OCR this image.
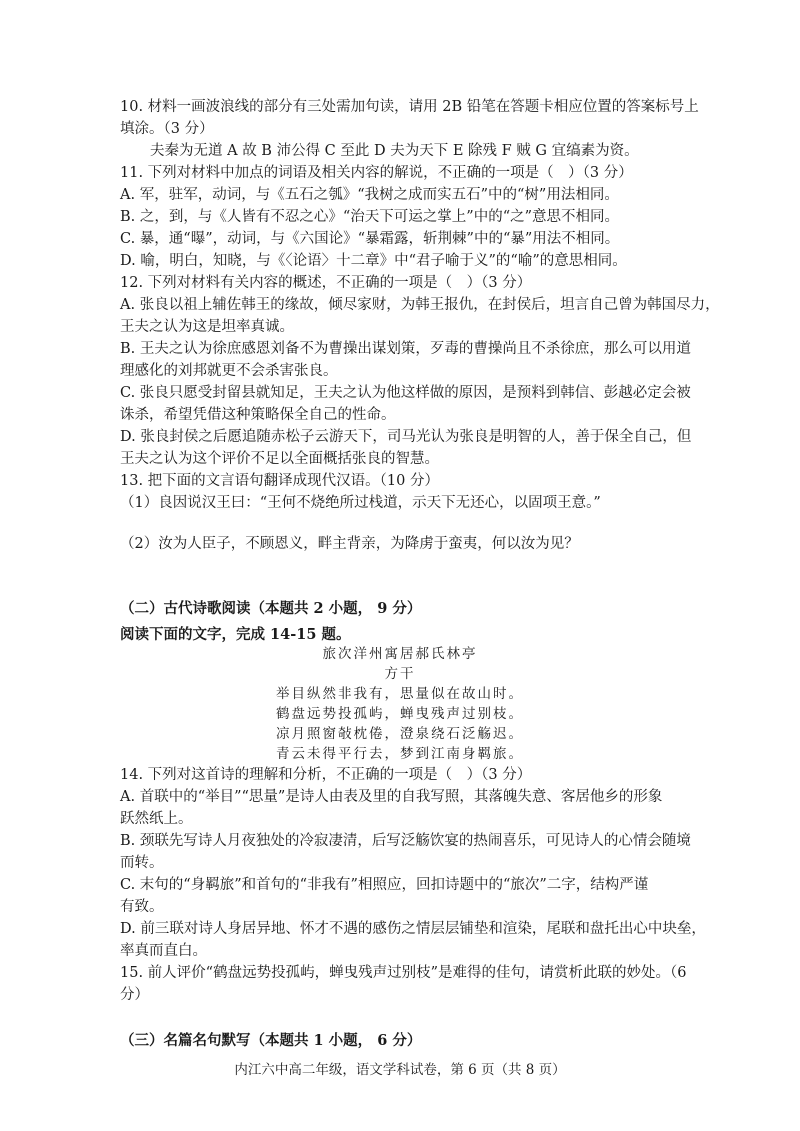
10. 材料一画波浪线的部分有三处需加句读，请用 2B 铅笔在答题卡相应位置的答案标号上
填涂。（3 分）
夫秦为无道 A 故 B 沛公得 C 至此 D 夫为天下 E 除残 F 贼 G 宜缟素为资。
11. 下列对材料中加点的词语及相关内容的解说，不正确的一项是（　）（3 分）
A. 军，驻军，动词，与《五石之瓠》“我树之成而实五石”中的“树”用法相同。
B. 之，到，与《人皆有不忍之心》“治天下可运之掌上”中的“之”意思不相同。
C. 暴，通“曝”，动词，与《六国论》“暴霜露，斩荆棘”中的“暴”用法不相同。
D. 喻，明白，知晓，与《〈论语〉十二章》中“君子喻于义”的“喻”的意思相同。
12. 下列对材料有关内容的概述，不正确的一项是（　）（3 分）
A. 张良以祖上辅佐韩王的缘故，倾尽家财，为韩王报仇，在封侯后，坦言自己曾为韩国尽力，
王夫之认为这是坦率真诚。
B. 王夫之认为徐庶感恩刘备不为曹操出谋划策，歹毒的曹操尚且不杀徐庶，那么可以用道
理感化的刘邦就更不会杀害张良。
C. 张良只愿受封留县就知足，王夫之认为他这样做的原因，是预料到韩信、彭越必定会被
诛杀，希望凭借这种策略保全自己的性命。
D. 张良封侯之后愿追随赤松子云游天下，司马光认为张良是明智的人，善于保全自己，但
王夫之认为这个评价不足以全面概括张良的智慧。
13. 把下面的文言语句翻译成现代汉语。（10 分）
（1）良因说汉王曰：“王何不烧绝所过栈道，示天下无还心，以固项王意。”
（2）汝为人臣子，不顾恩义，畔主背亲，为降虏于蛮夷，何以汝为见？
（二）古代诗歌阅读（本题共 2 小题， 9 分）
阅读下面的文字，完成 14-15 题。
旅次洋州寓居郝氏林亭
方干
举目纵然非我有，思量似在故山时。
鹤盘远势投孤屿，蝉曳残声过别枝。
凉月照窗敧枕倦，澄泉绕石泛觞迟。
青云未得平行去，梦到江南身羁旅。
14. 下列对这首诗的理解和分析，不正确的一项是（　）（3 分）
A. 首联中的“举目”“思量”是诗人由表及里的自我写照，其落魄失意、客居他乡的形象
跃然纸上。
B. 颈联先写诗人月夜独处的冷寂凄清，后写泛觞饮宴的热闹喜乐，可见诗人的心情会随境
而转。
C. 末句的“身羁旅”和首句的“非我有”相照应，回扣诗题中的“旅次”二字，结构严谨
有致。
D. 前三联对诗人身居异地、怀才不遇的感伤之情层层铺垫和渲染，尾联和盘托出心中块垒，
率真而直白。
15. 前人评价“鹤盘远势投孤屿，蝉曳残声过别枝”是难得的佳句，请赏析此联的妙处。（6
分）
（三）名篇名句默写（本题共 1 小题， 6 分）
内江六中高二年级，语文学科试卷，第 6 页（共 8 页）
